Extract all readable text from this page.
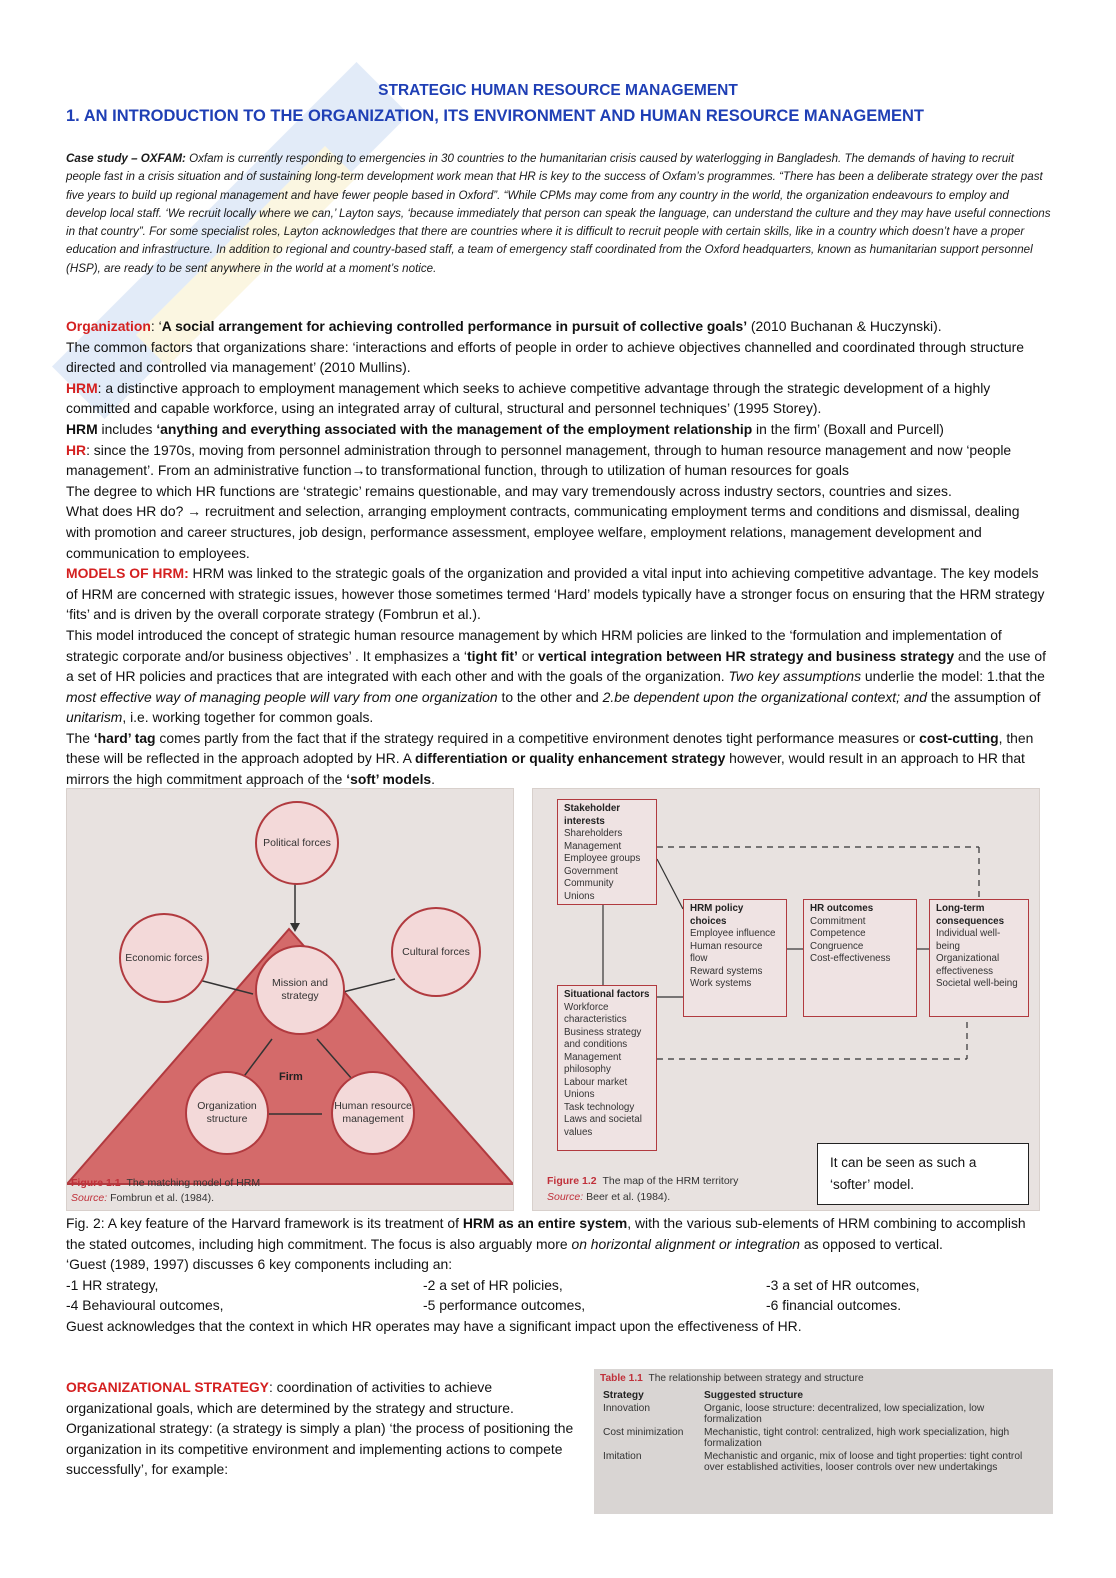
STRATEGIC HUMAN RESOURCE MANAGEMENT
1. AN INTRODUCTION TO THE ORGANIZATION, ITS ENVIRONMENT AND HUMAN RESOURCE MANAGEMENT
Case study – OXFAM: Oxfam is currently responding to emergencies in 30 countries to the humanitarian crisis caused by waterlogging in Bangladesh. The demands of having to recruit people fast in a crisis situation and of sustaining long-term development work mean that HR is key to the success of Oxfam’s programmes. “There has been a deliberate strategy over the past five years to build up regional management and have fewer people based in Oxford”. “While CPMs may come from any country in the world, the organization endeavours to employ and develop local staff. ‘We recruit locally where we can,’ Layton says, ‘because immediately that person can speak the language, can understand the culture and they may have useful connections in that country”. For some specialist roles, Layton acknowledges that there are countries where it is difficult to recruit people with certain skills, like in a country which doesn’t have a proper education and infrastructure. In addition to regional and country-based staff, a team of emergency staff coordinated from the Oxford headquarters, known as humanitarian support personnel (HSP), are ready to be sent anywhere in the world at a moment’s notice.

Organization: ‘A social arrangement for achieving controlled performance in pursuit of collective goals’ (2010 Buchanan & Huczynski).

The common factors that organizations share: ‘interactions and efforts of people in order to achieve objectives channelled and coordinated through structure directed and controlled via management’ (2010 Mullins).

HRM: a distinctive approach to employment management which seeks to achieve competitive advantage through the strategic development of a highly committed and capable workforce, using an integrated array of cultural, structural and personnel techniques’ (1995 Storey).

HRM includes ‘anything and everything associated with the management of the employment relationship in the firm’ (Boxall and Purcell)

HR: since the 1970s, moving from personnel administration through to personnel management, through to human resource management and now ‘people management’. From an administrative function→to transformational function, through to utilization of human resources for goals

The degree to which HR functions are ‘strategic’ remains questionable, and may vary tremendously across industry sectors, countries and sizes.

What does HR do? → recruitment and selection, arranging employment contracts, communicating employment terms and conditions and dismissal, dealing with promotion and career structures, job design, performance assessment, employee welfare, employment relations, management development and communication to employees.

MODELS OF HRM: HRM was linked to the strategic goals of the organization and provided a vital input into achieving competitive advantage. The key models of HRM are concerned with strategic issues, however those sometimes termed ‘Hard’ models typically have a stronger focus on ensuring that the HRM strategy ‘fits’ and is driven by the overall corporate strategy (Fombrun et al.).

This model introduced the concept of strategic human resource management by which HRM policies are linked to the ‘formulation and implementation of strategic corporate and/or business objectives’ . It emphasizes a ‘tight fit’ or vertical integration between HR strategy and business strategy and the use of a set of HR policies and practices that are integrated with each other and with the goals of the organization. Two key assumptions underlie the model: 1.that the most effective way of managing people will vary from one organization to the other and 2.be dependent upon the organizational context; and the assumption of unitarism, i.e. working together for common goals.

The ‘hard’ tag comes partly from the fact that if the strategy required in a competitive environment denotes tight performance measures or cost-cutting, then these will be reflected in the approach adopted by HR. A differentiation or quality enhancement strategy however, would result in an approach to HR that mirrors the high commitment approach of the ‘soft’ models.

Political forces
Economic forces	Cultural forces
Mission and strategy
Firm
Organization structure
Human resource management
Figure 1.1 The matching model of HRM
Source: Fombrun et al. (1984).
Stakeholder interests
Shareholders
Management
Employee groups
Government
Community
Unions
Situational factors
Workforce characteristics
Business strategy and conditions
Management philosophy
Labour market
Unions
Task technology
Laws and societal values
HRM policy choices
Employee influence
Human resource flow
Reward systems
Work systems
HR outcomes
Commitment
Competence
Congruence
Cost-effectiveness
Long-term consequences
Individual well-being
Organizational effectiveness
Societal well-being
Figure 1.2 The map of the HRM territory
Source: Beer et al. (1984).
It can be seen as such a ‘softer’ model.

Fig. 2: A key feature of the Harvard framework is its treatment of HRM as an entire system, with the various sub-elements of HRM combining to accomplish the stated outcomes, including high commitment. The focus is also arguably more on horizontal alignment or integration as opposed to vertical.

‘Guest (1989, 1997) discusses 6 key components including an:

-1 HR strategy,	-2 a set of HR policies,	-3 a set of HR outcomes,
-4 Behavioural outcomes,	-5 performance outcomes,	-6 financial outcomes.

Guest acknowledges that the context in which HR operates may have a significant impact upon the effectiveness of HR.

ORGANIZATIONAL STRATEGY: coordination of activities to achieve organizational goals, which are determined by the strategy and structure.
Organizational strategy: (a strategy is simply a plan) ‘the process of positioning the organization in its competitive environment and implementing actions to compete successfully’, for example:
Table 1.1 The relationship between strategy and structure
Strategy	Suggested structure
Innovation	Organic, loose structure: decentralized, low specialization, low formalization
Cost minimization	Mechanistic, tight control: centralized, high work specialization, high formalization
Imitation	Mechanistic and organic, mix of loose and tight properties: tight control over established activities, looser controls over new undertakings
